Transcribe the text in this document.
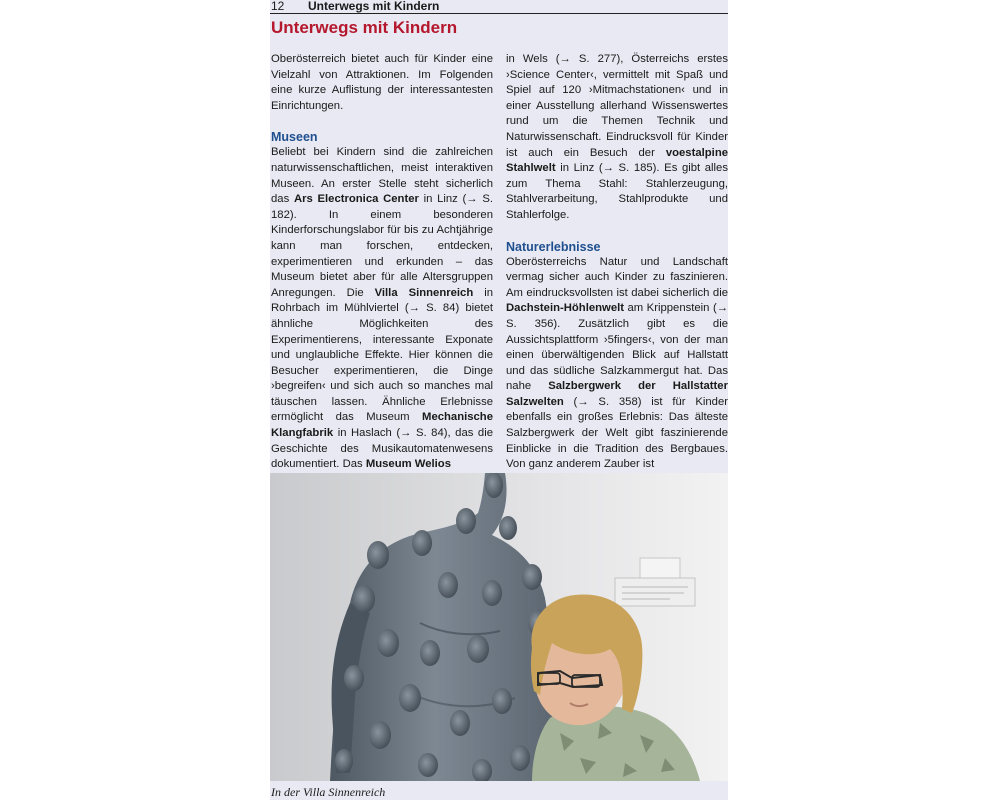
12 Unterwegs mit Kindern
Unterwegs mit Kindern

Oberösterreich bietet auch für Kinder eine Vielzahl von Attraktionen. Im Folgenden eine kurze Auflistung der interessantesten Einrichtungen.

Museen

Beliebt bei Kindern sind die zahlreichen naturwissenschaftlichen, meist interaktiven Museen. An erster Stelle steht sicherlich das Ars Electronica Center in Linz (→ S. 182). In einem besonderen Kinderforschungslabor für bis zu Achtjährige kann man forschen, entdecken, experimentieren und erkunden – das Museum bietet aber für alle Altersgruppen Anregungen. Die Villa Sinnenreich in Rohrbach im Mühlviertel (→ S. 84) bietet ähnliche Möglichkeiten des Experimentierens, interessante Exponate und unglaubliche Effekte. Hier können die Besucher experimentieren, die Dinge ›begreifen‹ und sich auch so manches mal täuschen lassen. Ähnliche Erlebnisse ermöglicht das Museum Mechanische Klangfabrik in Haslach (→ S. 84), das die Geschichte des Musikautomatenwesens dokumentiert. Das Museum Welios

in Wels (→ S. 277), Österreichs erstes ›Science Center‹, vermittelt mit Spaß und Spiel auf 120 ›Mitmachstationen‹ und in einer Ausstellung allerhand Wissenswertes rund um die Themen Technik und Naturwissenschaft. Eindrucksvoll für Kinder ist auch ein Besuch der voestalpine Stahlwelt in Linz (→ S. 185). Es gibt alles zum Thema Stahl: Stahlerzeugung, Stahlverarbeitung, Stahlprodukte und Stahlerfolge.

Naturerlebnisse

Oberösterreichs Natur und Landschaft vermag sicher auch Kinder zu faszinieren. Am eindrucksvollsten ist dabei sicherlich die Dachstein-Höhlenwelt am Krippenstein (→ S. 356). Zusätzlich gibt es die Aussichtsplattform ›5fingers‹, von der man einen überwältigenden Blick auf Hallstatt und das südliche Salzkammergut hat. Das nahe Salzbergwerk der Hallstatter Salzwelten (→ S. 358) ist für Kinder ebenfalls ein großes Erlebnis: Das älteste Salzbergwerk der Welt gibt faszinierende Einblicke in die Tradition des Bergbaues. Von ganz anderem Zauber ist

In der Villa Sinnenreich
